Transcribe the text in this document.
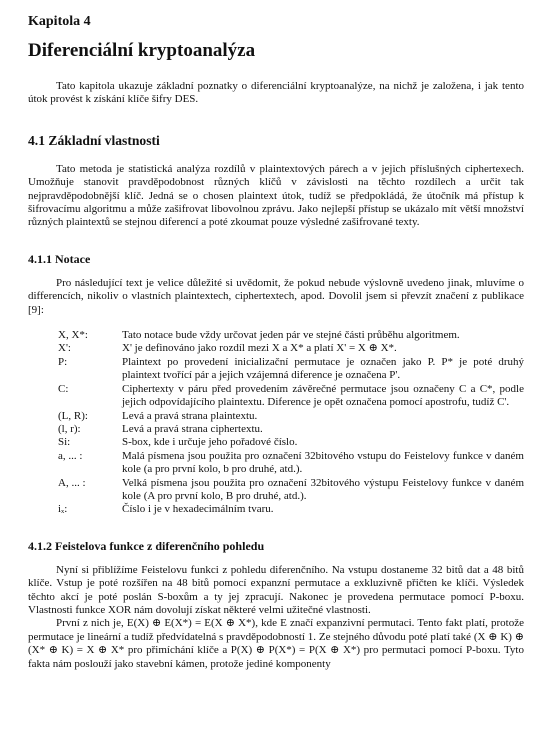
Kapitola 4
Diferenciální kryptoanalýza

Tato kapitola ukazuje základní poznatky o diferenciální kryptoanalýze, na nichž je založena, i jak tento útok provést k získání klíče šifry DES.

4.1 Základní vlastnosti

Tato metoda je statistická analýza rozdílů v plaintextových párech a v jejich příslušných ciphertexech. Umožňuje stanovit pravděpodobnost různých klíčů v závislosti na těchto rozdílech a určit tak nejpravděpodobnější klíč. Jedná se o chosen plaintext útok, tudíž se předpokládá, že útočník má přístup k šifrovacímu algoritmu a může zašifrovat libovolnou zprávu. Jako nejlepší přístup se ukázalo mít větší množství různých plaintextů se stejnou diferencí a poté zkoumat pouze výsledné zašifrované texty.

4.1.1 Notace

Pro následující text je velice důležité si uvědomit, že pokud nebude výslovně uvedeno jinak, mluvíme o differencích, nikoliv o vlastních plaintextech, ciphertextech, apod. Dovolil jsem si převzít značení z publikace [9]:

X, X*:	Tato notace bude vždy určovat jeden pár ve stejné části průběhu algoritmem.
X':	X' je definováno jako rozdíl mezi X a X* a platí X' = X ⊕ X*.
P:	Plaintext po provedení inicializační permutace je označen jako P. P* je poté druhý plaintext tvořící pár a jejich vzájemná diference je označena P'.
C:	Ciphertexty v páru před provedením závěrečné permutace jsou označeny C a C*, podle jejich odpovídajícího plaintextu. Diference je opět označena pomocí apostrofu, tudíž C'.
(L, R):	Levá a pravá strana plaintextu.
(l, r):	Levá a pravá strana ciphertextu.
Si:	S-box, kde i určuje jeho pořadové číslo.
a, ... :	Malá písmena jsou použita pro označení 32bitového vstupu do Feistelovy funkce v daném kole (a pro první kolo, b pro druhé, atd.).
A, ... :	Velká písmena jsou použita pro označení 32bitového výstupu Feistelovy funkce v daném kole (A pro první kolo, B pro druhé, atd.).
iₓ:	Číslo i je v hexadecimálním tvaru.
4.1.2 Feistelova funkce z diferenčního pohledu

Nyní si přiblížíme Feistelovu funkci z pohledu diferenčního. Na vstupu dostaneme 32 bitů dat a 48 bitů klíče. Vstup je poté rozšířen na 48 bitů pomocí expanzní permutace a exkluzivně přičten ke klíči. Výsledek těchto akcí je poté poslán S-boxům a ty jej zpracují. Nakonec je provedena permutace pomocí P-boxu. Vlastnosti funkce XOR nám dovolují získat některé velmi užitečné vlastnosti.

První z nich je, E(X) ⊕ E(X*) = E(X ⊕ X*), kde E značí expanzivní permutaci. Tento fakt platí, protože permutace je lineární a tudíž předvídatelná s pravděpodobností 1. Ze stejného důvodu poté platí také (X ⊕ K) ⊕ (X* ⊕ K) = X ⊕ X* pro přimíchání klíče a P(X) ⊕ P(X*) = P(X ⊕ X*) pro permutaci pomocí P-boxu. Tyto fakta nám poslouží jako stavební kámen, protože jediné komponenty
